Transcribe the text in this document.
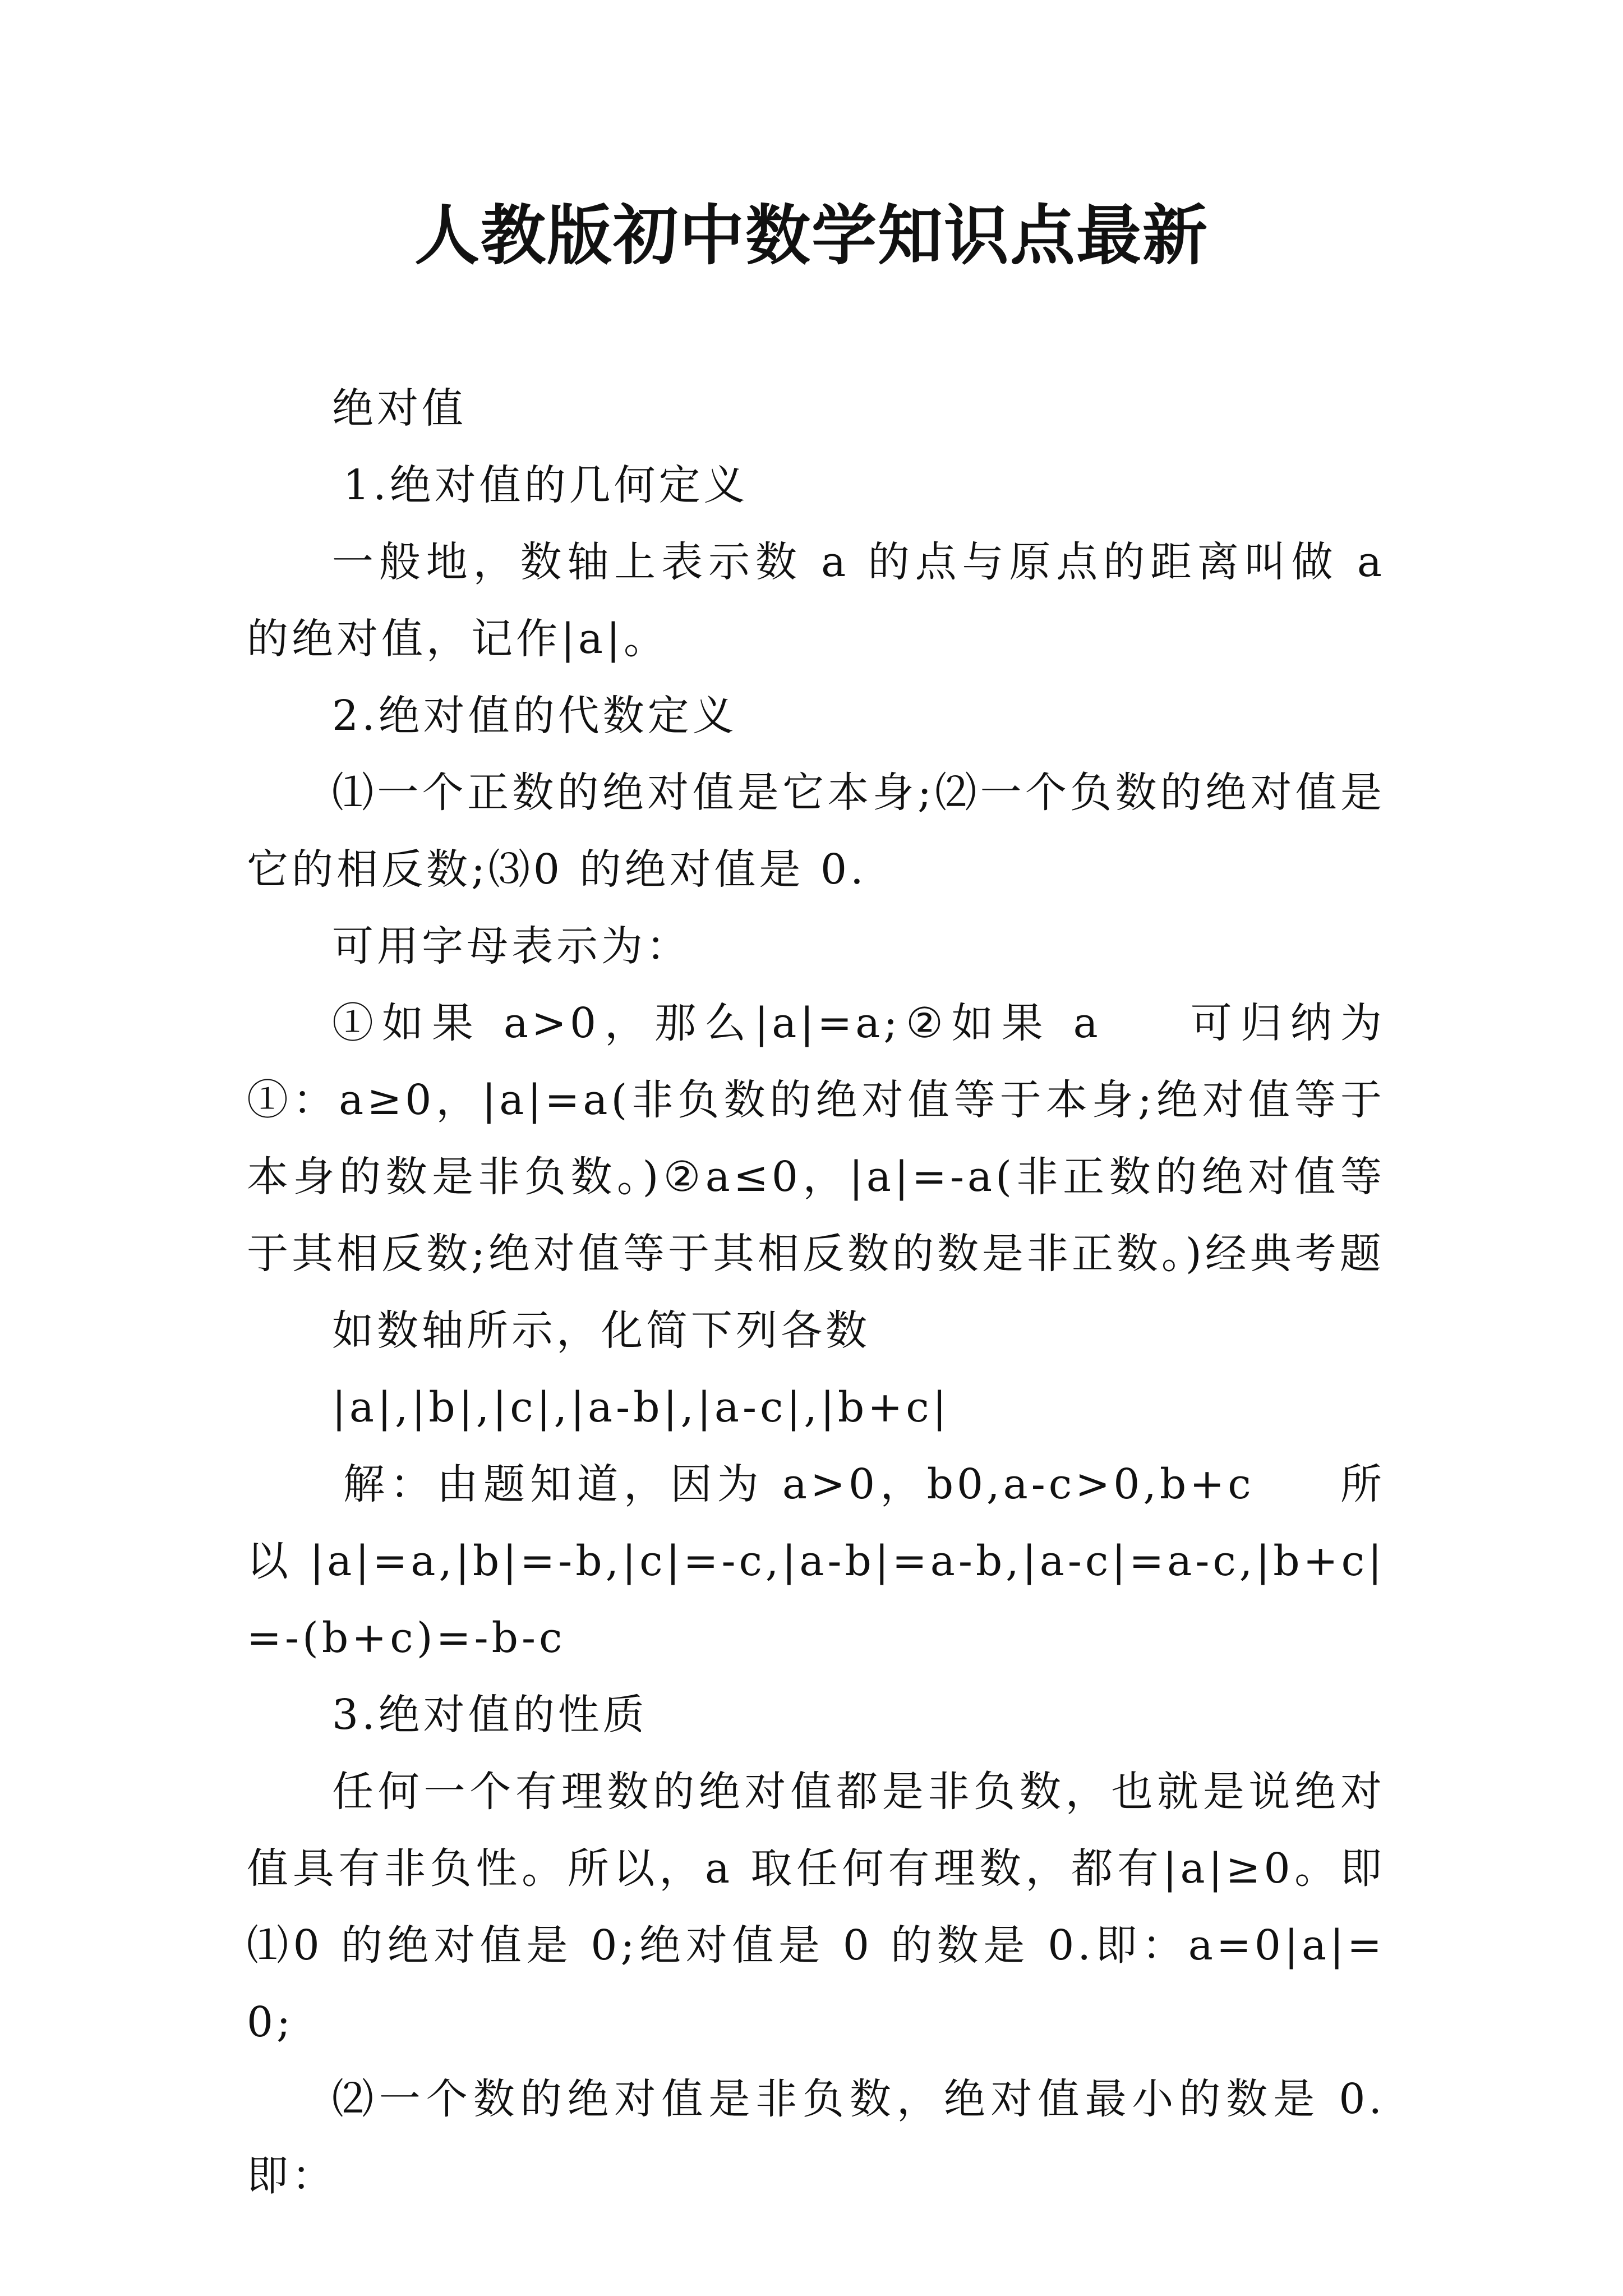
人教版初中数学知识点最新

绝对值

1.绝对值的几何定义

一般地，数轴上表示数 a 的点与原点的距离叫做 a 的绝对值，记作|a|。

2.绝对值的代数定义

⑴一个正数的绝对值是它本身;⑵一个负数的绝对值是它的相反数;⑶0 的绝对值是 0.

可用字母表示为：

①如果 a>0，那么|a|=a;②如果 a 可归纳为①：a≥0，|a|=a(非负数的绝对值等于本身;绝对值等于本身的数是非负数。)②a≤0，|a|=-a(非正数的绝对值等于其相反数;绝对值等于其相反数的数是非正数。)经典考题

如数轴所示，化简下列各数

|a|,|b|,|c|,|a-b|,|a-c|,|b+c|

解：由题知道，因为 a>0，b0,a-c>0,b+c 所以|a|=a,|b|=-b,|c|=-c,|a-b|=a-b,|a-c|=a-c,|b+c|=-(b+c)=-b-c

3.绝对值的性质

任何一个有理数的绝对值都是非负数，也就是说绝对值具有非负性。所以，a 取任何有理数，都有|a|≥0。即⑴0 的绝对值是 0;绝对值是 0 的数是 0.即：a=0|a|=0;

⑵一个数的绝对值是非负数，绝对值最小的数是 0.即：
